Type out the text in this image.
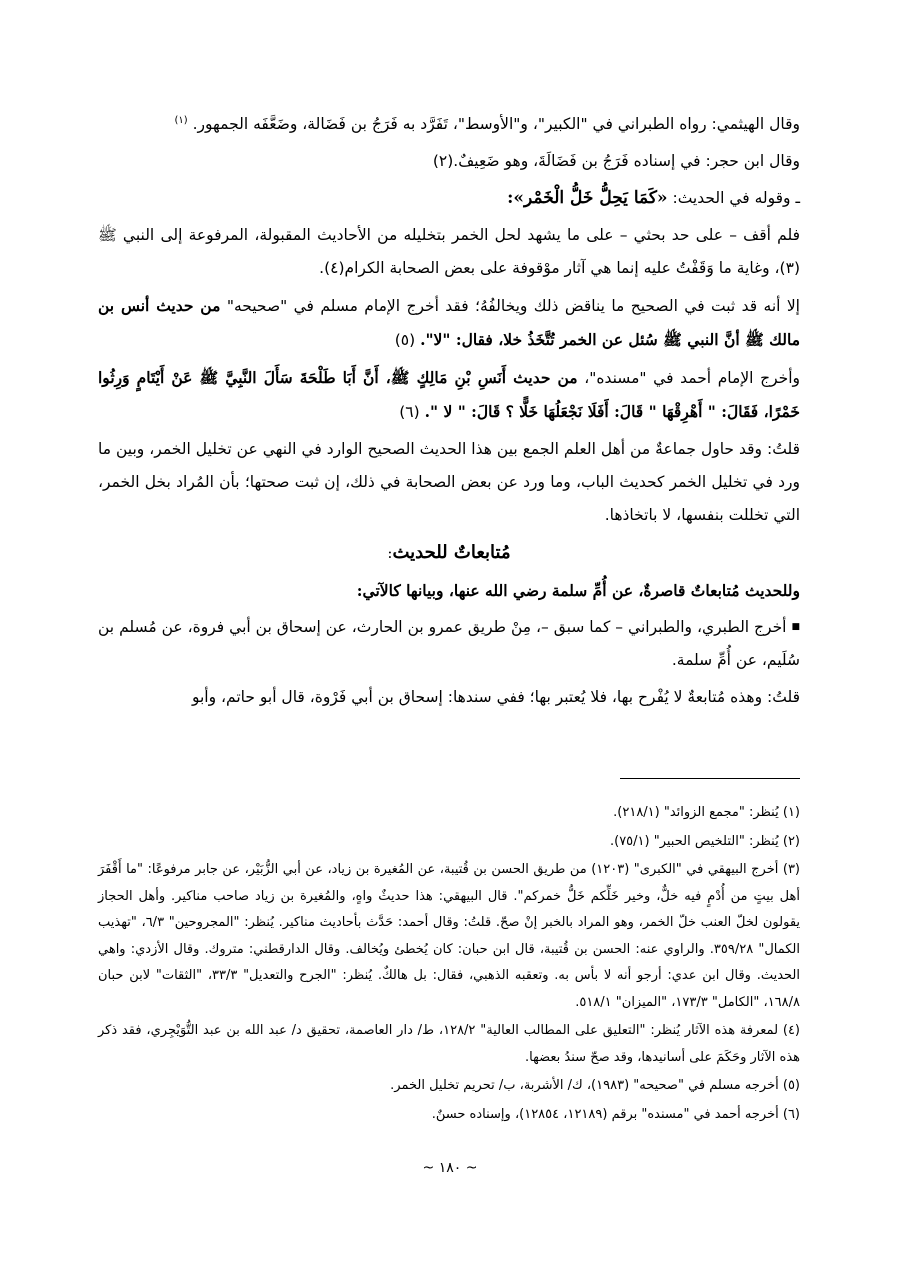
وقال الهيثمي: رواه الطبراني في "الكبير"، و"الأوسط"، تَفَرَّد به فَرَجُ بن فَضَالة، وضَعَّفَه الجمهور. $^{(١)}$

وقال ابن حجر: في إسناده فَرَجُ بن فَضَالَةَ، وهو ضَعِيفٌ.(٢)

ـ وقوله في الحديث: «كَمَا يَحِلُّ خَلُّ الْخَمْر»:

فلم أقف – على حد بحثي – على ما يشهد لحل الخمر بتخليله من الأحاديث المقبولة، المرفوعة إلى النبي ﷺ (٣)، وغاية ما وَقَفْتُ عليه إنما هي آثار موْقوفة على بعض الصحابة الكرام(٤).

إلا أنه قد ثبت في الصحيح ما يناقض ذلك ويخالفُهُ؛ فقد أخرج الإمام مسلم في "صحيحه" من حديث أنس بن مالك ﷺ أنَّ النبي ﷺ سُئل عن الخمر تُتَّخَذُ خلا، فقال: "لا". (٥)

وأخرج الإمام أحمد في "مسنده"، من حديث أَنَسِ بْنِ مَالِكٍ ﷺ، أَنَّ أَبَا طَلْحَةَ سَأَلَ النَّبِيَّ ﷺ عَنْ أَيْتَامٍ وَرِثُوا خَمْرًا، فَقَالَ: " أَهْرِقْهَا " قَالَ: أَفَلَا نَجْعَلُهَا خَلًّا ؟ قَالَ: " لا ". (٦)

قلتُ: وقد حاول جماعةٌ من أهل العلم الجمع بين هذا الحديث الصحيح الوارد في النهي عن تخليل الخمر، وبين ما ورد في تخليل الخمر كحديث الباب، وما ورد عن بعض الصحابة في ذلك، إن ثبت صحتها؛ بأن المُراد بخل الخمر، التي تخللت بنفسها، لا باتخاذها.

مُتابعاتٌ للحديث:

وللحديث مُتابعاتٌ قاصرةٌ، عن أُمِّ سلمة رضي الله عنها، وبيانها كالآتي:

■ أخرج الطبري، والطبراني – كما سبق –، مِنْ طريق عمرو بن الحارث، عن إسحاق بن أبي فروة، عن مُسلم بن سُلَيم، عن أُمِّ سلمة.

قلتُ: وهذه مُتابعةٌ لا يُفْرح بها، فلا يُعتبر بها؛ ففي سندها: إسحاق بن أبي فَرْوة، قال أبو حاتم، وأبو

(١) يُنظر: "مجمع الزوائد" (٢١٨/١).

(٢) يُنظر: "التلخيص الحبير" (٧٥/١).

(٣) أخرج البيهقي في "الكبرى" (١٢٠٣) من طريق الحسن بن قُتيبة، عن المُغيرة بن زياد، عن أبي الزُّبَيْر، عن جابر مرفوعًا: "ما أَقْفَرَ أهل بيتٍ من أُدْمٍ فيه خلٌّ، وخير خَلِّكم خَلُّ خمركم". قال البيهقي: هذا حديثٌ واهٍ، والمُغيرة بن زياد صاحب مناكير. وأهل الحجاز يقولون لخلّ العنب خلّ الخمر، وهو المراد بالخبر إنْ صحّ. قلتُ: وقال أحمد: حَدَّث بأحاديث مناكير. يُنظر: "المجروحين" ٦/٣، "تهذيب الكمال" ٣٥٩/٢٨. والراوي عنه: الحسن بن قُتيبة، قال ابن حبان: كان يُخطئ ويُخالف. وقال الدارقطني: متروك. وقال الأزدي: واهي الحديث. وقال ابن عدي: أرجو أنه لا بأس به. وتعقبه الذهبي، فقال: بل هالكٌ. يُنظر: "الجرح والتعديل" ٣٣/٣، "الثقات" لابن حبان ١٦٨/٨، "الكامل" ١٧٣/٣، "الميزان" ٥١٨/١.

(٤) لمعرفة هذه الآثار يُنظر: "التعليق على المطالب العالية" ١٢٨/٢، ط/ دار العاصمة، تحقيق د/ عبد الله بن عبد التُّوَيْجِري، فقد ذكر هذه الآثار وحَكَمَ على أسانيدها، وقد صحّ سندُ بعضها.

(٥) أخرجه مسلم في "صحيحه" (١٩٨٣)، ك/ الأشربة، ب/ تحريم تخليل الخمر.

(٦) أخرجه أحمد في "مسنده" برقم (١٢١٨٩، ١٢٨٥٤)، وإسناده حسنٌ.

~ ١٨٠ ~
